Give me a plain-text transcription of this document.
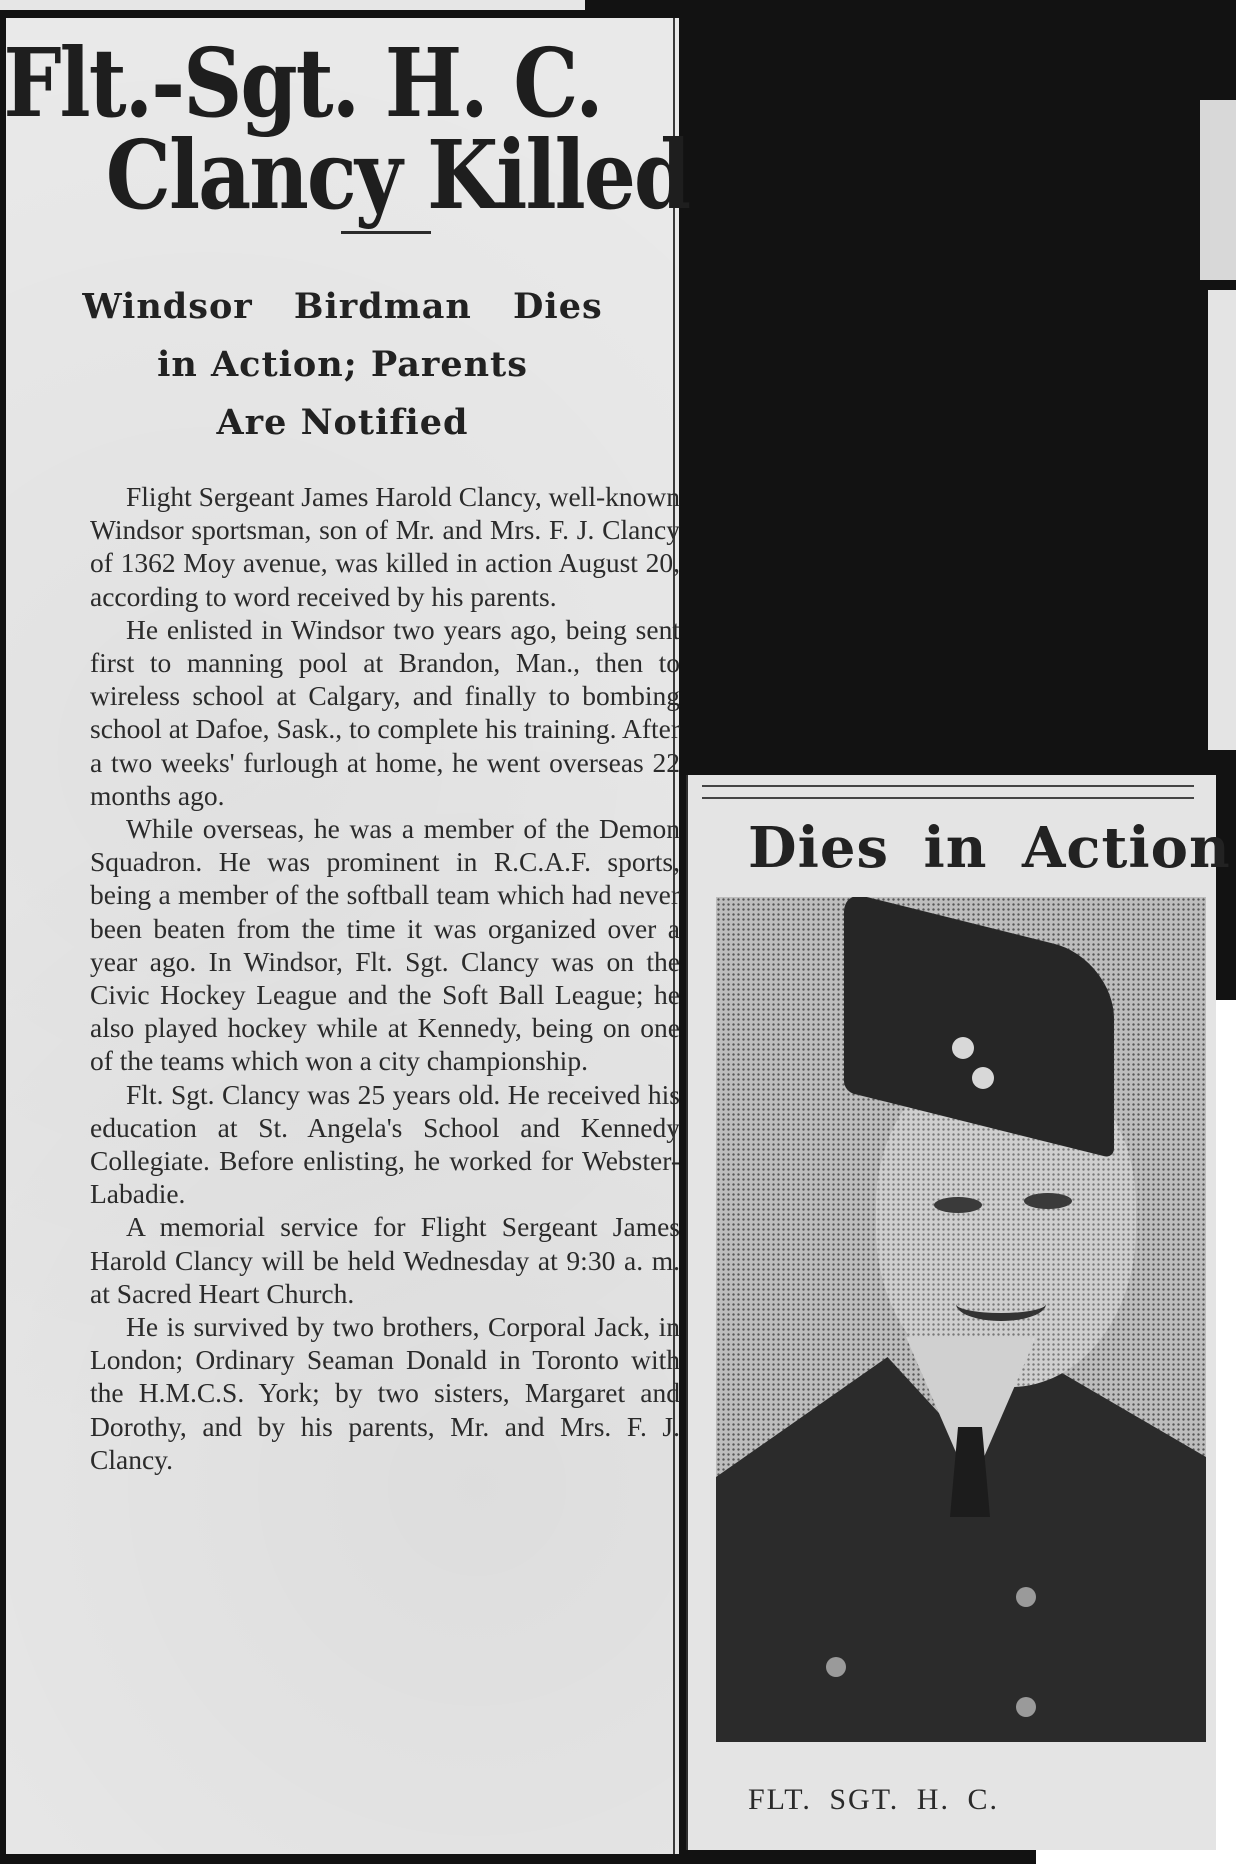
Flt.-Sgt. H. C.
Clancy Killed
Windsor Birdman Dies
in Action; Parents
Are Notified

Flight Sergeant James Harold Clancy, well-known Windsor sportsman, son of Mr. and Mrs. F. J. Clancy of 1362 Moy avenue, was killed in action August 20, according to word received by his parents.

He enlisted in Windsor two years ago, being sent first to manning pool at Brandon, Man., then to wireless school at Calgary, and finally to bombing school at Dafoe, Sask., to complete his training. After a two weeks' furlough at home, he went overseas 22 months ago.

While overseas, he was a member of the Demon Squadron. He was prominent in R.C.A.F. sports, being a member of the softball team which had never been beaten from the time it was organized over a year ago. In Windsor, Flt. Sgt. Clancy was on the Civic Hockey League and the Soft Ball League; he also played hockey while at Kennedy, being on one of the teams which won a city championship.

Flt. Sgt. Clancy was 25 years old. He received his education at St. Angela's School and Kennedy Collegiate. Before enlisting, he worked for Webster-Labadie.

A memorial service for Flight Sergeant James Harold Clancy will be held Wednesday at 9:30 a. m. at Sacred Heart Church.

He is survived by two brothers, Corporal Jack, in London; Ordinary Seaman Donald in Toronto with the H.M.C.S. York; by two sisters, Margaret and Dorothy, and by his parents, Mr. and Mrs. F. J. Clancy.

Dies in Action
FLT. SGT. H. C.
